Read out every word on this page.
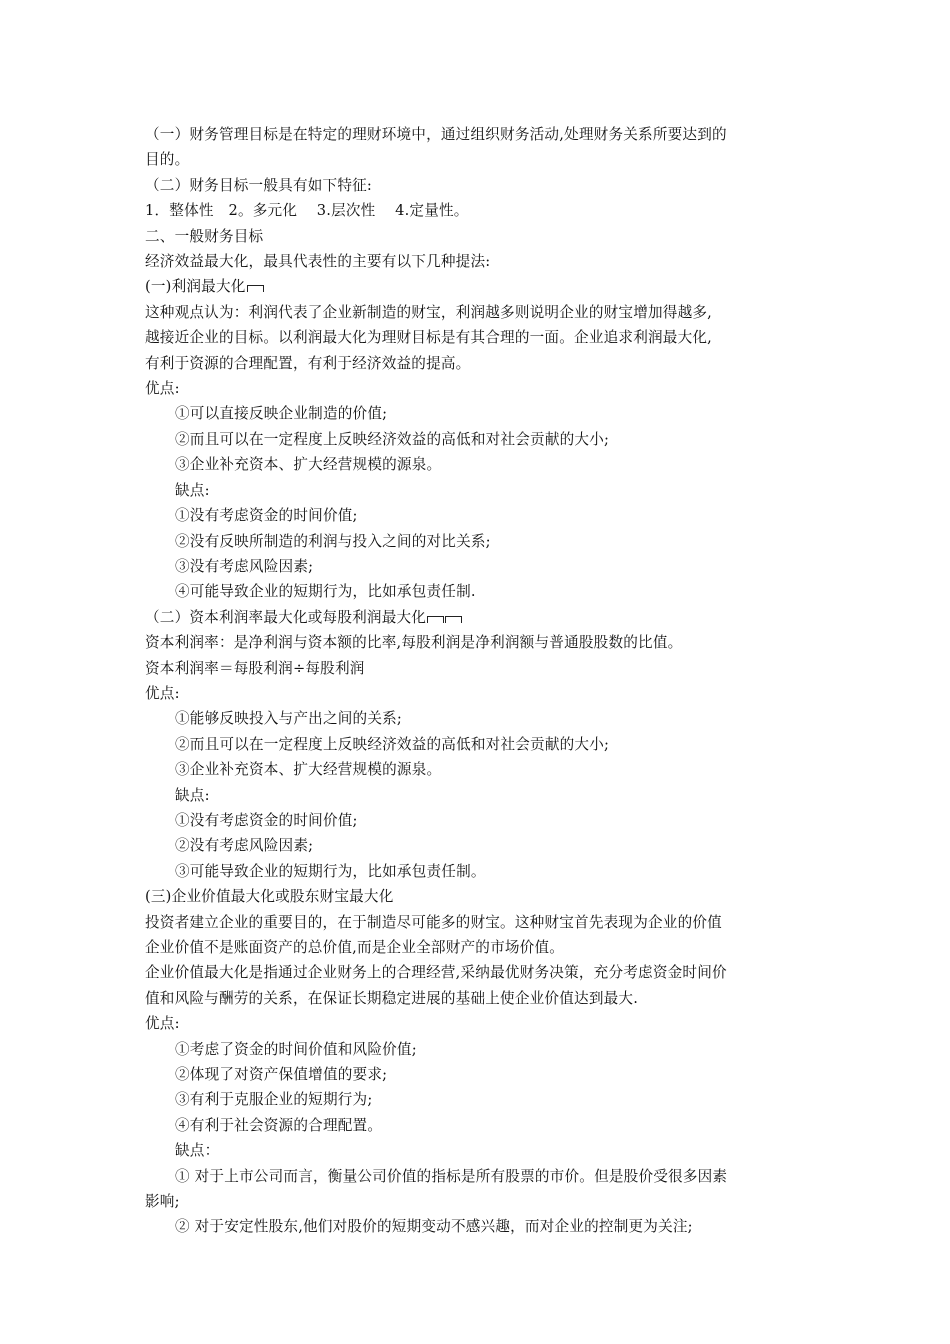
（一）财务管理目标是在特定的理财环境中，通过组织财务活动,处理财务关系所要达到的
目的。
（二）财务目标一般具有如下特征:
1．整体性　2。多元化　 3.层次性　 4.定量性。
二、一般财务目标
经济效益最大化，最具代表性的主要有以下几种提法:
(一)利润最大化
这种观点认为：利润代表了企业新制造的财宝，利润越多则说明企业的财宝增加得越多,
越接近企业的目标。以利润最大化为理财目标是有其合理的一面。企业追求利润最大化,
有利于资源的合理配置，有利于经济效益的提高。
优点:
①可以直接反映企业制造的价值;
②而且可以在一定程度上反映经济效益的高低和对社会贡献的大小;
③企业补充资本、扩大经营规模的源泉。
缺点:
①没有考虑资金的时间价值;
②没有反映所制造的利润与投入之间的对比关系;
③没有考虑风险因素;
④可能导致企业的短期行为，比如承包责任制.
（二）资本利润率最大化或每股利润最大化
资本利润率：是净利润与资本额的比率,每股利润是净利润额与普通股股数的比值。
资本利润率＝每股利润÷每股利润
优点:
①能够反映投入与产出之间的关系;
②而且可以在一定程度上反映经济效益的高低和对社会贡献的大小;
③企业补充资本、扩大经营规模的源泉。
缺点:
①没有考虑资金的时间价值;
②没有考虑风险因素;
③可能导致企业的短期行为，比如承包责任制。
(三)企业价值最大化或股东财宝最大化
投资者建立企业的重要目的，在于制造尽可能多的财宝。这种财宝首先表现为企业的价值
企业价值不是账面资产的总价值,而是企业全部财产的市场价值。
企业价值最大化是指通过企业财务上的合理经营,采纳最优财务决策，充分考虑资金时间价
值和风险与酬劳的关系，在保证长期稳定进展的基础上使企业价值达到最大.
优点:
①考虑了资金的时间价值和风险价值;
②体现了对资产保值增值的要求;
③有利于克服企业的短期行为;
④有利于社会资源的合理配置。
缺点：
① 对于上市公司而言，衡量公司价值的指标是所有股票的市价。但是股价受很多因素
影响;
② 对于安定性股东,他们对股价的短期变动不感兴趣，而对企业的控制更为关注;
